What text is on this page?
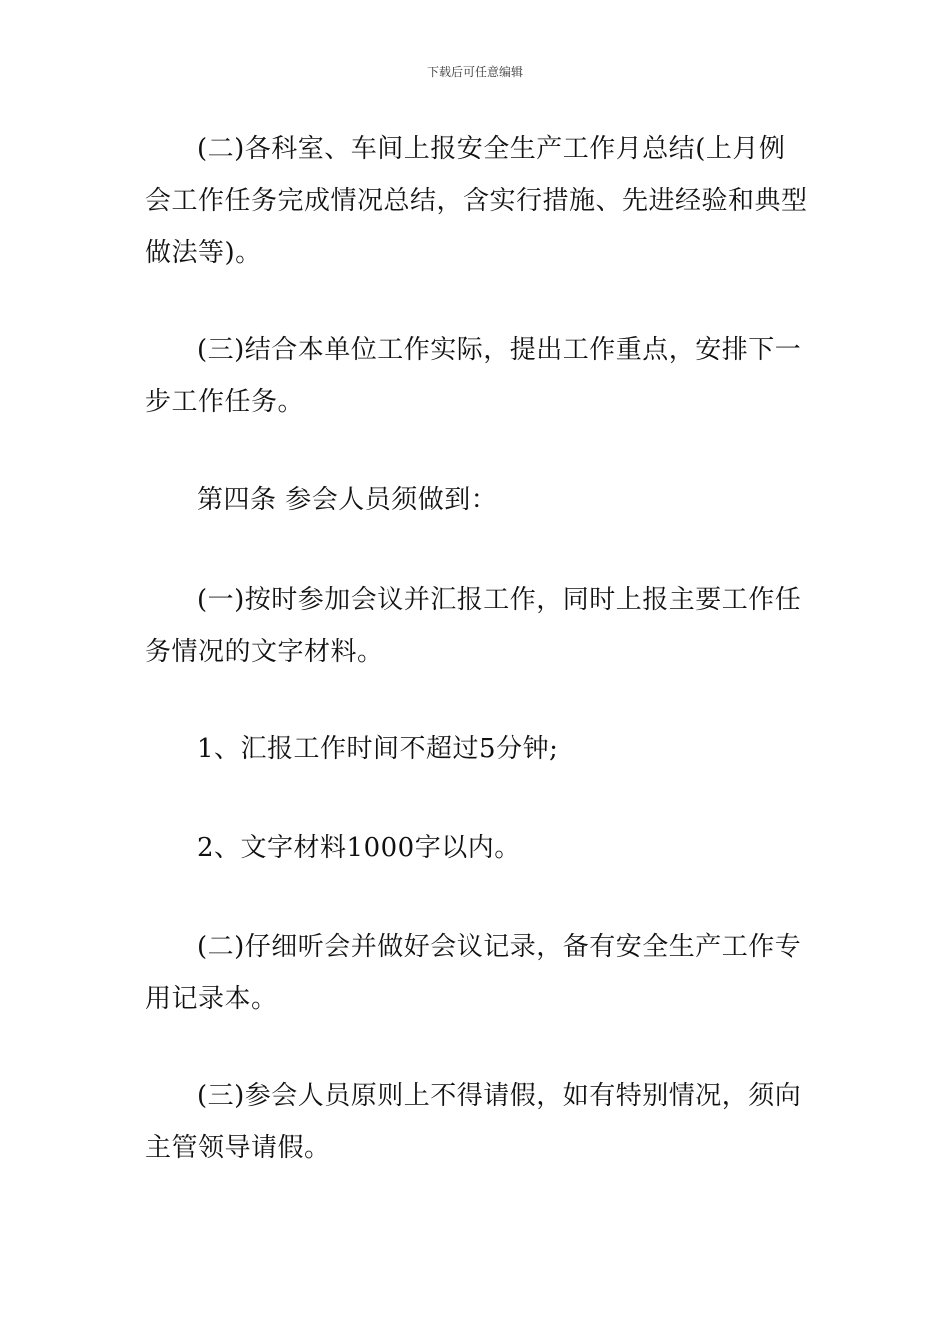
下载后可任意编辑

(二)各科室、车间上报安全生产工作月总结(上月例会工作任务完成情况总结，含实行措施、先进经验和典型做法等)。

(三)结合本单位工作实际，提出工作重点，安排下一步工作任务。

第四条 参会人员须做到：

(一)按时参加会议并汇报工作，同时上报主要工作任务情况的文字材料。

1、汇报工作时间不超过5分钟;

2、文字材料1000字以内。

(二)仔细听会并做好会议记录，备有安全生产工作专用记录本。

(三)参会人员原则上不得请假，如有特别情况，须向主管领导请假。
